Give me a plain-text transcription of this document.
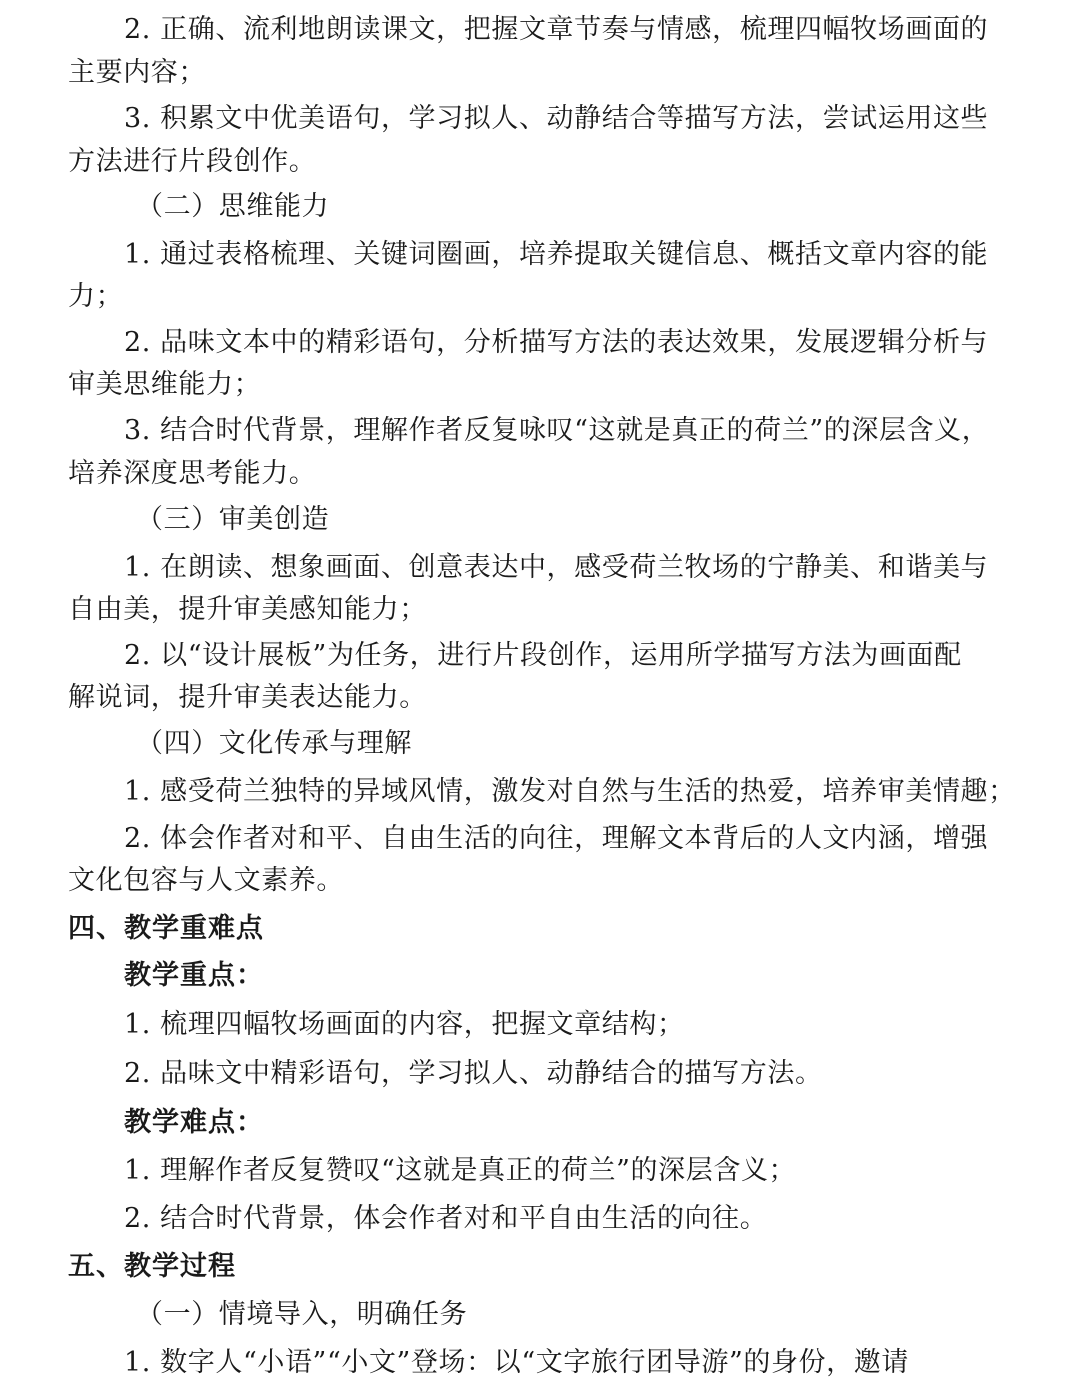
2. 正确、流利地朗读课文，把握文章节奏与情感，梳理四幅牧场画面的
主要内容；
3. 积累文中优美语句，学习拟人、动静结合等描写方法，尝试运用这些
方法进行片段创作。
（二）思维能力
1. 通过表格梳理、关键词圈画，培养提取关键信息、概括文章内容的能
力；
2. 品味文本中的精彩语句，分析描写方法的表达效果，发展逻辑分析与
审美思维能力；
3. 结合时代背景，理解作者反复咏叹“这就是真正的荷兰”的深层含义，
培养深度思考能力。
（三）审美创造
1. 在朗读、想象画面、创意表达中，感受荷兰牧场的宁静美、和谐美与
自由美，提升审美感知能力；
2. 以“设计展板”为任务，进行片段创作，运用所学描写方法为画面配
解说词，提升审美表达能力。
（四）文化传承与理解
1. 感受荷兰独特的异域风情，激发对自然与生活的热爱，培养审美情趣；
2. 体会作者对和平、自由生活的向往，理解文本背后的人文内涵，增强
文化包容与人文素养。
四、教学重难点
教学重点：
1. 梳理四幅牧场画面的内容，把握文章结构；
2. 品味文中精彩语句，学习拟人、动静结合的描写方法。
教学难点：
1. 理解作者反复赞叹“这就是真正的荷兰”的深层含义；
2. 结合时代背景，体会作者对和平自由生活的向往。
五、教学过程
（一）情境导入，明确任务
1. 数字人“小语”“小文”登场：以“文字旅行团导游”的身份，邀请
